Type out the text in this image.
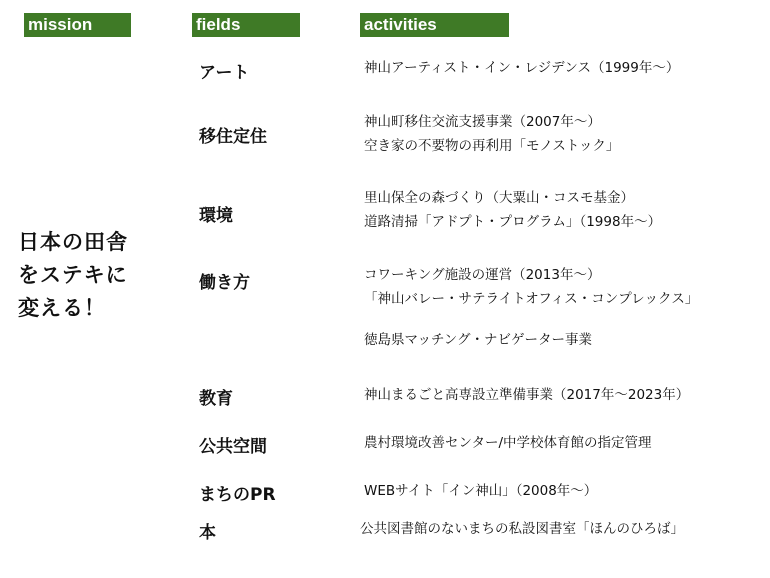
mission	fields	activities
日本の田舎
をステキに
変える！
アート
移住定住
環境
働き方
教育
公共空間
まちのPR
本
神山アーティスト・イン・レジデンス（1999年〜）
神山町移住交流支援事業（2007年〜）
空き家の不要物の再利用「モノストック」
里山保全の森づくり（大粟山・コスモ基金）
道路清掃「アドプト・プログラム」（1998年〜）
コワーキング施設の運営（2013年〜）
「神山バレー・サテライトオフィス・コンプレックス」
徳島県マッチング・ナビゲーター事業
神山まるごと高専設立準備事業（2017年〜2023年）
農村環境改善センター/中学校体育館の指定管理
WEBサイト「イン神山」（2008年〜）
公共図書館のないまちの私設図書室「ほんのひろば」
